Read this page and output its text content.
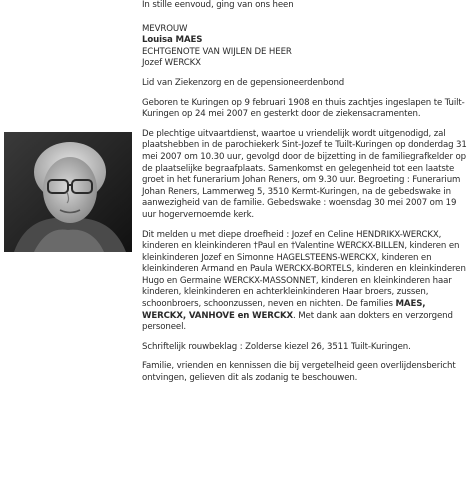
In stille eenvoud, ging van ons heen

MEVROUW

Louisa MAES

ECHTGENOTE VAN WIJLEN DE HEER

Jozef WERCKX

Lid van Ziekenzorg en de gepensioneerdenbond

Geboren te Kuringen op 9 februari 1908 en thuis zachtjes ingeslapen te Tuilt-Kuringen op 24 mei 2007 en gesterkt door de ziekensacramenten.

De plechtige uitvaartdienst, waartoe u vriendelijk wordt uitgenodigd, zal plaatshebben in de parochiekerk Sint-Jozef te Tuilt-Kuringen op donderdag 31 mei 2007 om 10.30 uur, gevolgd door de bijzetting in de familiegrafkelder op de plaatselijke begraafplaats. Samenkomst en gelegenheid tot een laatste groet in het funerarium Johan Reners, om 9.30 uur. Begroeting : Funerarium Johan Reners, Lammerweg 5, 3510 Kermt-Kuringen, na de gebedswake in aanwezigheid van de familie. Gebedswake : woensdag 30 mei 2007 om 19 uur hogervernoemde kerk.

Dit melden u met diepe droefheid : Jozef en Celine HENDRIKX-WERCKX, kinderen en kleinkinderen †Paul en †Valentine WERCKX-BILLEN, kinderen en kleinkinderen Jozef en Simonne HAGELSTEENS-WERCKX, kinderen en kleinkinderen Armand en Paula WERCKX-BORTELS, kinderen en kleinkinderen Hugo en Germaine WERCKX-MASSONNET, kinderen en kleinkinderen haar kinderen, kleinkinderen en achterkleinkinderen Haar broers, zussen, schoonbroers, schoonzussen, neven en nichten. De families MAES, WERCKX, VANHOVE en WERCKX. Met dank aan dokters en verzorgend personeel.

Schriftelijk rouwbeklag : Zolderse kiezel 26, 3511 Tuilt-Kuringen.

Familie, vrienden en kennissen die bij vergetelheid geen overlijdensbericht ontvingen, gelieven dit als zodanig te beschouwen.
